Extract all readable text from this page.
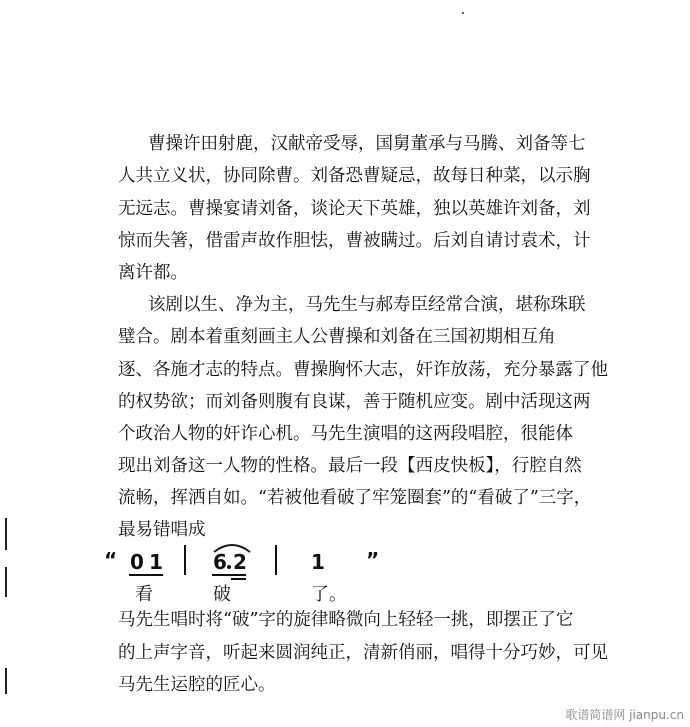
曹操许田射鹿，汉献帝受辱，国舅董承与马腾、刘备等七
人共立义状，协同除曹。刘备恐曹疑忌，故每日种菜，以示胸
无远志。曹操宴请刘备，谈论天下英雄，独以英雄许刘备，刘
惊而失箸，借雷声故作胆怯，曹被瞒过。后刘自请讨袁术，计
离许都。
该剧以生、净为主，马先生与郝寿臣经常合演，堪称珠联
璧合。剧本着重刻画主人公曹操和刘备在三国初期相互角
逐、各施才志的特点。曹操胸怀大志，奸诈放荡，充分暴露了他
的权势欲；而刘备则腹有良谋，善于随机应变。剧中活现这两
个政治人物的奸诈心机。马先生演唱的这两段唱腔，很能体
现出刘备这一人物的性格。最后一段【西皮快板】，行腔自然
流畅，挥洒自如。“若被他看破了牢笼圈套”的“看破了”三字，
最易错唱成
“ 0 1
看
6 2
破
1
了。
”
马先生唱时将“破”字的旋律略微向上轻轻一挑，即摆正了它
的上声字音，听起来圆润纯正，清新俏丽，唱得十分巧妙，可见
马先生运腔的匠心。
歌谱简谱网 jianpu.cn
